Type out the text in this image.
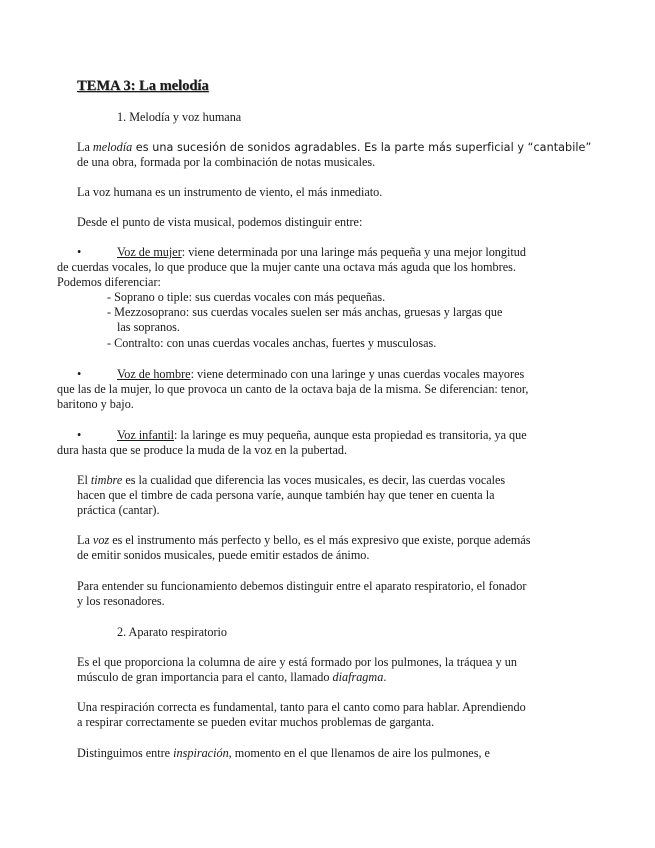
TEMA 3: La melodía
1. Melodía y voz humana
La melodía es una sucesión de sonidos agradables. Es la parte más superficial y “cantabile”
de una obra, formada por la combinación de notas musicales.
La voz humana es un instrumento de viento, el más inmediato.
Desde el punto de vista musical, podemos distinguir entre:
•	Voz de mujer: viene determinada por una laringe más pequeña y una mejor longitud
de cuerdas vocales, lo que produce que la mujer cante una octava más aguda que los hombres.
Podemos diferenciar:
- Soprano o tiple: sus cuerdas vocales con más pequeñas.
- Mezzosoprano: sus cuerdas vocales suelen ser más anchas, gruesas y largas que
las sopranos.
- Contralto: con unas cuerdas vocales anchas, fuertes y musculosas.
•	Voz de hombre: viene determinado con una laringe y unas cuerdas vocales mayores
que las de la mujer, lo que provoca un canto de la octava baja de la misma. Se diferencian: tenor,
baritono y bajo.
•	Voz infantil: la laringe es muy pequeña, aunque esta propiedad es transitoria, ya que
dura hasta que se produce la muda de la voz en la pubertad.
El timbre es la cualidad que diferencia las voces musicales, es decir, las cuerdas vocales
hacen que el timbre de cada persona varíe, aunque también hay que tener en cuenta la
práctica (cantar).
La voz es el instrumento más perfecto y bello, es el más expresivo que existe, porque además
de emitir sonidos musicales, puede emitir estados de ánimo.
Para entender su funcionamiento debemos distinguir entre el aparato respiratorio, el fonador
y los resonadores.
2. Aparato respiratorio
Es el que proporciona la columna de aire y está formado por los pulmones, la tráquea y un
músculo de gran importancia para el canto, llamado diafragma.
Una respiración correcta es fundamental, tanto para el canto como para hablar. Aprendiendo
a respirar correctamente se pueden evitar muchos problemas de garganta.
Distinguimos entre inspiración, momento en el que llenamos de aire los pulmones, e
